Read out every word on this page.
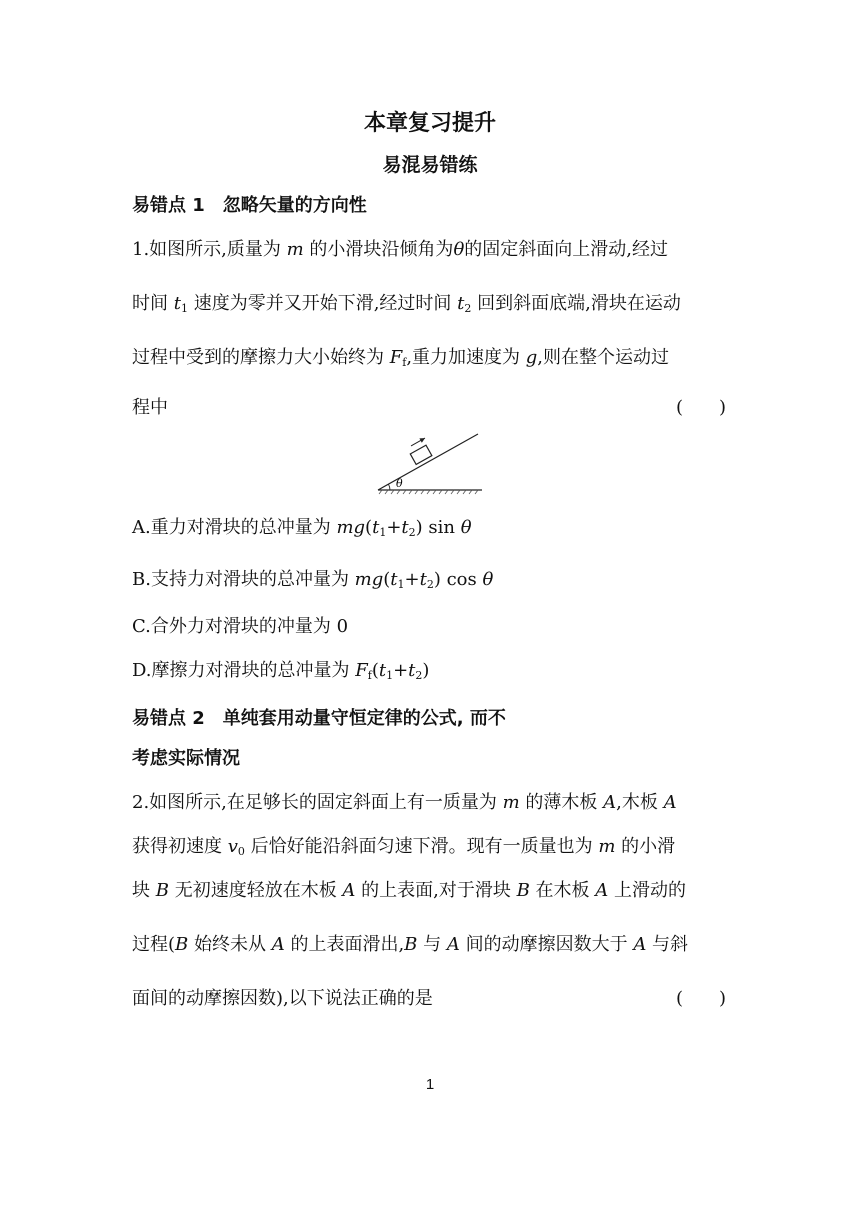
本章复习提升
易混易错练
易错点 1　忽略矢量的方向性
1.如图所示,质量为 m 的小滑块沿倾角为θ的固定斜面向上滑动,经过
时间 $t_1$ 速度为零并又开始下滑,经过时间 $t_2$ 回到斜面底端,滑块在运动
过程中受到的摩擦力大小始终为 $F_f$,重力加速度为 g,则在整个运动过
程中	(　　)
θ
A.重力对滑块的总冲量为 $mg(t_1+t_2)$ sin θ
B.支持力对滑块的总冲量为 $mg(t_1+t_2)$ cos θ
C.合外力对滑块的冲量为 0
D.摩擦力对滑块的总冲量为 $F_f(t_1+t_2)$
易错点 2　单纯套用动量守恒定律的公式, 而不
考虑实际情况
2.如图所示,在足够长的固定斜面上有一质量为 m 的薄木板 A,木板 A
获得初速度 $v_0$ 后恰好能沿斜面匀速下滑。现有一质量也为 m 的小滑
块 B 无初速度轻放在木板 A 的上表面,对于滑块 B 在木板 A 上滑动的
过程(B 始终未从 A 的上表面滑出,B 与 A 间的动摩擦因数大于 A 与斜
面间的动摩擦因数),以下说法正确的是	(　　)
1
